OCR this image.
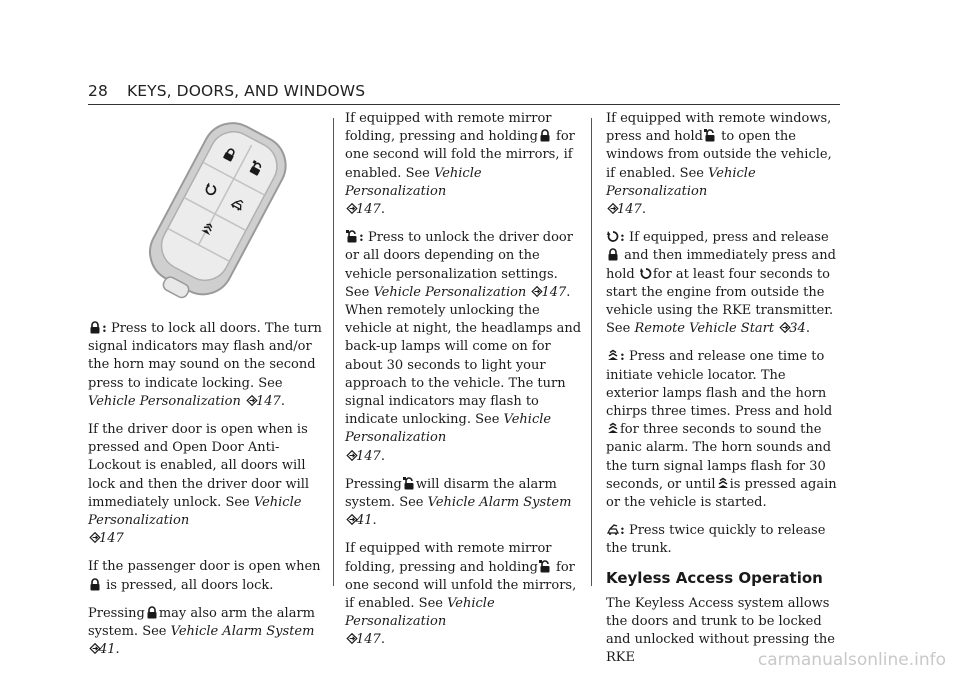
28 KEYS, DOORS, AND WINDOWS

: Press to lock all doors. The turn signal indicators may flash and/or the horn may sound on the second press to indicate locking. See Vehicle Personalization 147.

If the driver door is open when is pressed and Open Door Anti-Lockout is enabled, all doors will lock and then the driver door will immediately unlock. See Vehicle Personalization

147

If the passenger door is open when
is pressed, all doors lock.

Pressing may also arm the alarm system. See Vehicle Alarm System
41.

If equipped with remote mirror folding, pressing and holding for one second will fold the mirrors, if enabled. See Vehicle Personalization

147.

: Press to unlock the driver door or all doors depending on the vehicle personalization settings. See Vehicle Personalization 147. When remotely unlocking the vehicle at night, the headlamps and back-up lamps will come on for about 30 seconds to light your approach to the vehicle. The turn signal indicators may flash to indicate unlocking. See Vehicle Personalization

147.

Pressing will disarm the alarm system. See Vehicle Alarm System
41.

If equipped with remote mirror folding, pressing and holding for one second will unfold the mirrors, if enabled. See Vehicle Personalization

147.

If equipped with remote windows, press and hold to open the windows from outside the vehicle, if enabled. See Vehicle Personalization

147.

: If equipped, press and release
and then immediately press and hold for at least four seconds to start the engine from outside the vehicle using the RKE transmitter. See Remote Vehicle Start 34.

: Press and release one time to initiate vehicle locator. The exterior lamps flash and the horn chirps three times. Press and hold
for three seconds to sound the panic alarm. The horn sounds and the turn signal lamps flash for 30 seconds, or until is pressed again or the vehicle is started.

: Press twice quickly to release the trunk.

Keyless Access Operation

The Keyless Access system allows the doors and trunk to be locked and unlocked without pressing the RKE	carmanualsonline.info
